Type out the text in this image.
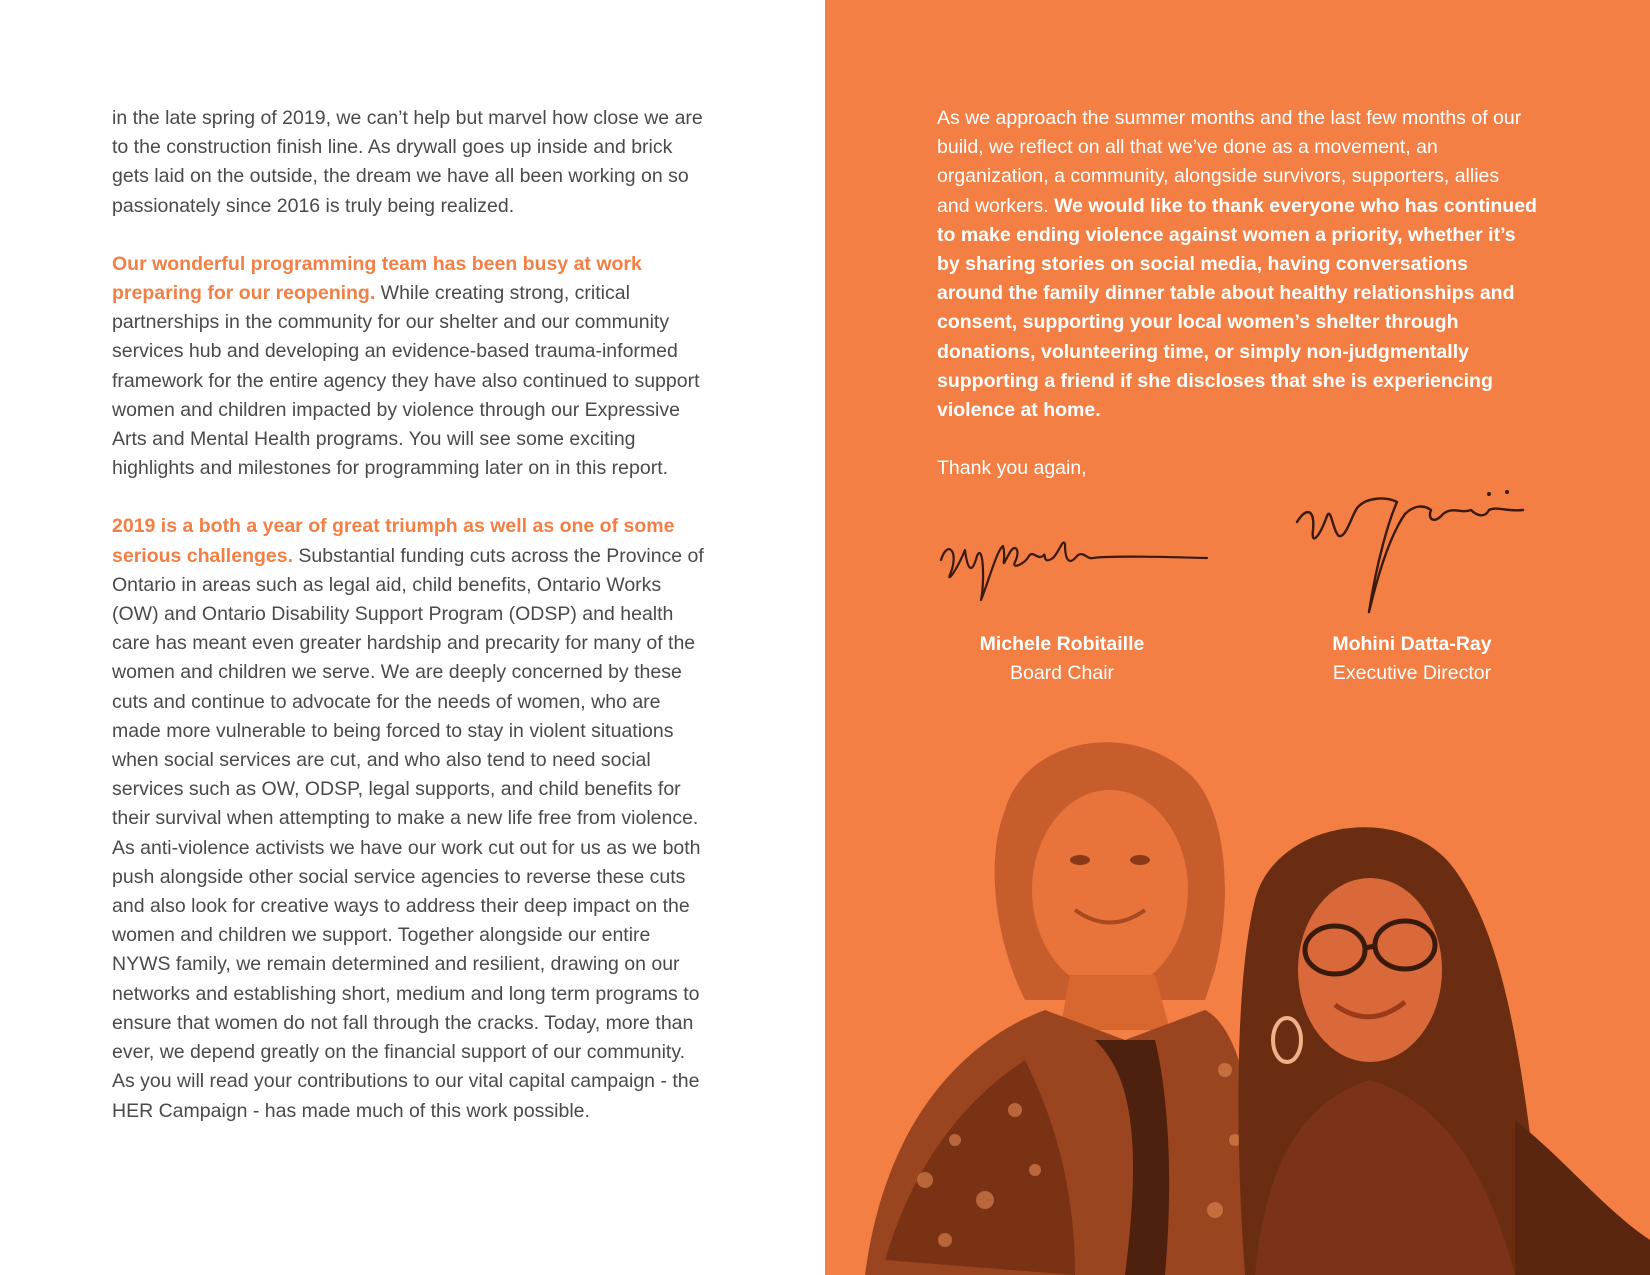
in the late spring of 2019, we can’t help but marvel how close we are to the construction finish line. As drywall goes up inside and brick gets laid on the outside, the dream we have all been working on so passionately since 2016 is truly being realized.

Our wonderful programming team has been busy at work preparing for our reopening. While creating strong, critical partnerships in the community for our shelter and our community services hub and developing an evidence-based trauma-informed framework for the entire agency they have also continued to support women and children impacted by violence through our Expressive Arts and Mental Health programs. You will see some exciting highlights and milestones for programming later on in this report.

2019 is a both a year of great triumph as well as one of some serious challenges. Substantial funding cuts across the Province of Ontario in areas such as legal aid, child benefits, Ontario Works (OW) and Ontario Disability Support Program (ODSP) and health care has meant even greater hardship and precarity for many of the women and children we serve. We are deeply concerned by these cuts and continue to advocate for the needs of women, who are made more vulnerable to being forced to stay in violent situations when social services are cut, and who also tend to need social services such as OW, ODSP, legal supports, and child benefits for their survival when attempting to make a new life free from violence. As anti-violence activists we have our work cut out for us as we both push alongside other social service agencies to reverse these cuts and also look for creative ways to address their deep impact on the women and children we support. Together alongside our entire NYWS family, we remain determined and resilient, drawing on our networks and establishing short, medium and long term programs to ensure that women do not fall through the cracks. Today, more than ever, we depend greatly on the financial support of our community. As you will read your contributions to our vital capital campaign - the HER Campaign - has made much of this work possible.

As we approach the summer months and the last few months of our build, we reflect on all that we’ve done as a movement, an organization, a community, alongside survivors, supporters, allies and workers. We would like to thank everyone who has continued to make ending violence against women a priority, whether it’s by sharing stories on social media, having conversations around the family dinner table about healthy relationships and consent, supporting your local women’s shelter through donations, volunteering time, or simply non-judgmentally supporting a friend if she discloses that she is experiencing violence at home.

Thank you again,

Michele Robitaille
Board Chair
Mohini Datta-Ray
Executive Director
